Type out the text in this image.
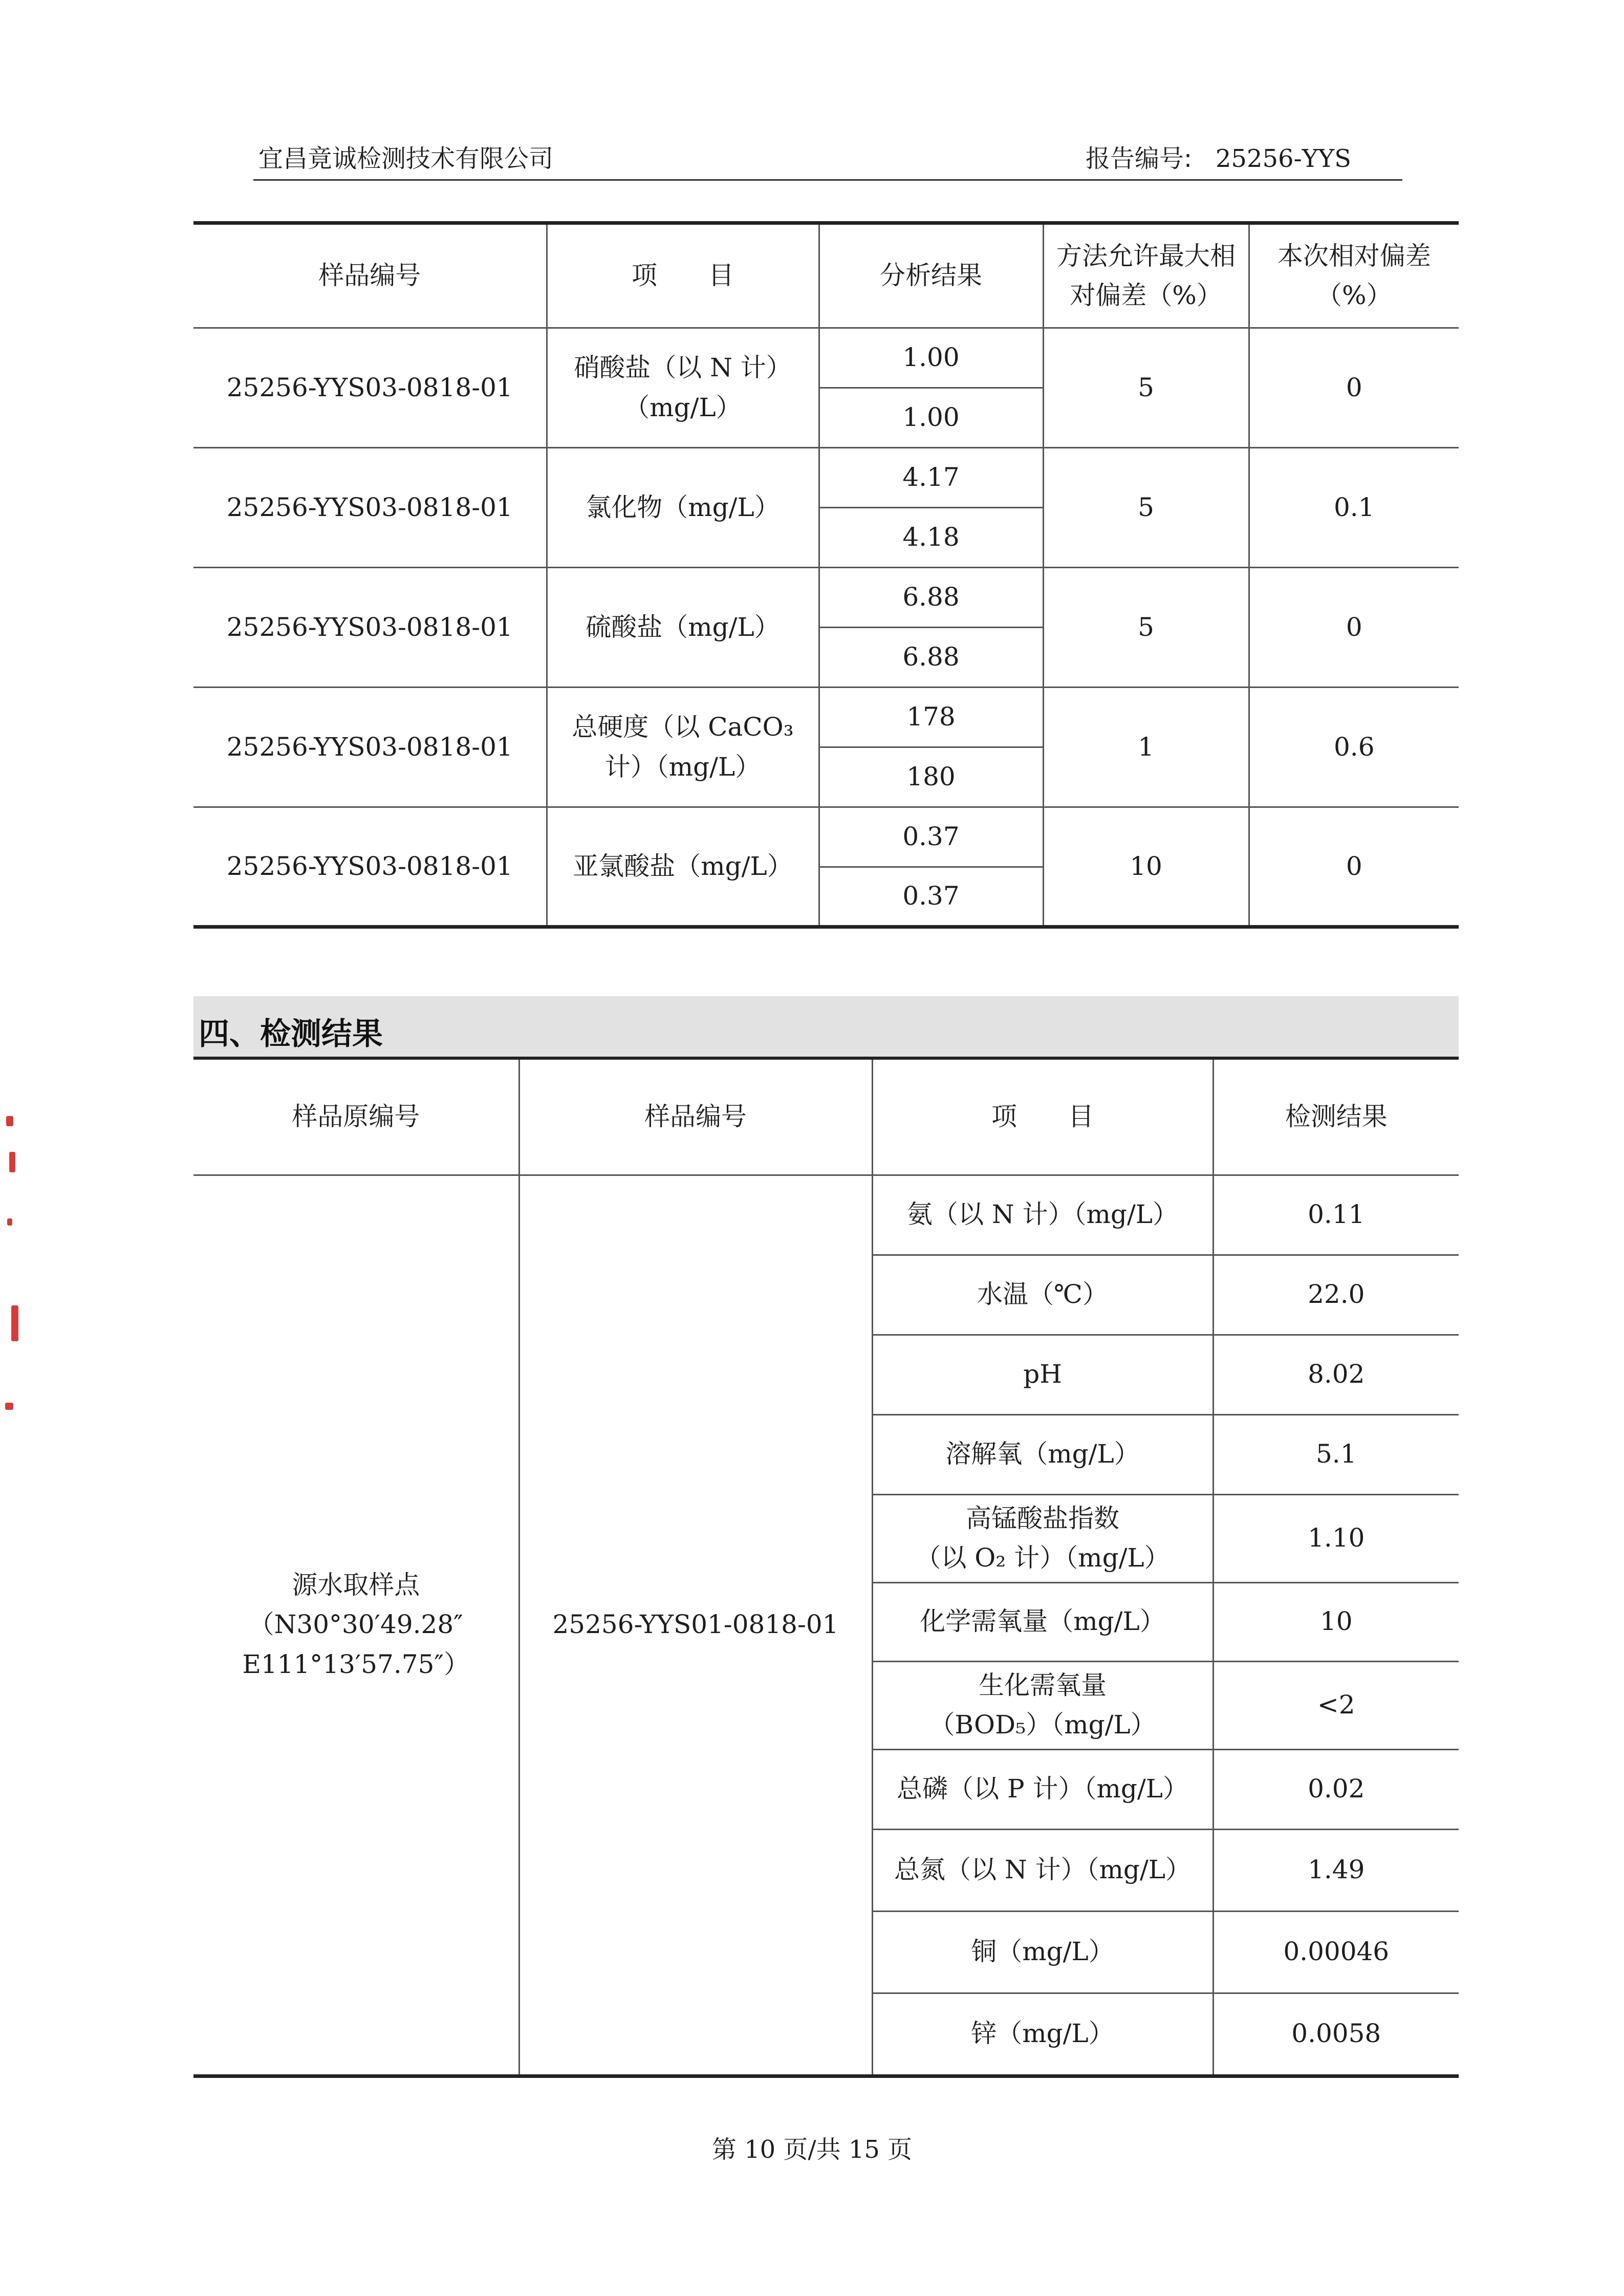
宜昌竟诚检测技术有限公司	报告编号: 25256-YYS
样品编号	项　　目	分析结果	方法允许最大相对偏差（%）	本次相对偏差（%）
25256-YYS03-0818-01	硝酸盐（以 N 计）
（mg/L）	1.00	5	0
		1.00		
25256-YYS03-0818-01	氯化物（mg/L）	4.17	5	0.1
		4.18		
25256-YYS03-0818-01	硫酸盐（mg/L）	6.88	5	0
		6.88		
25256-YYS03-0818-01	总硬度（以 CaCO₃
计）（mg/L）	178	1	0.6
		180		
25256-YYS03-0818-01	亚氯酸盐（mg/L）	0.37	10	0
		0.37		
四、检测结果
样品原编号	样品编号	项　　目	检测结果
源水取样点
（N30°30′49.28″
E111°13′57.75″）	25256-YYS01-0818-01	氨（以 N 计）（mg/L）	0.11
		水温（℃）	22.0
		pH	8.02
		溶解氧（mg/L）	5.1
		高锰酸盐指数
（以 O₂ 计）（mg/L）	1.10
		化学需氧量（mg/L）	10
		生化需氧量
（BOD₅）（mg/L）	<2
		总磷（以 P 计）（mg/L）	0.02
		总氮（以 N 计）（mg/L）	1.49
		铜（mg/L）	0.00046
		锌（mg/L）	0.0058
第 10 页/共 15 页
